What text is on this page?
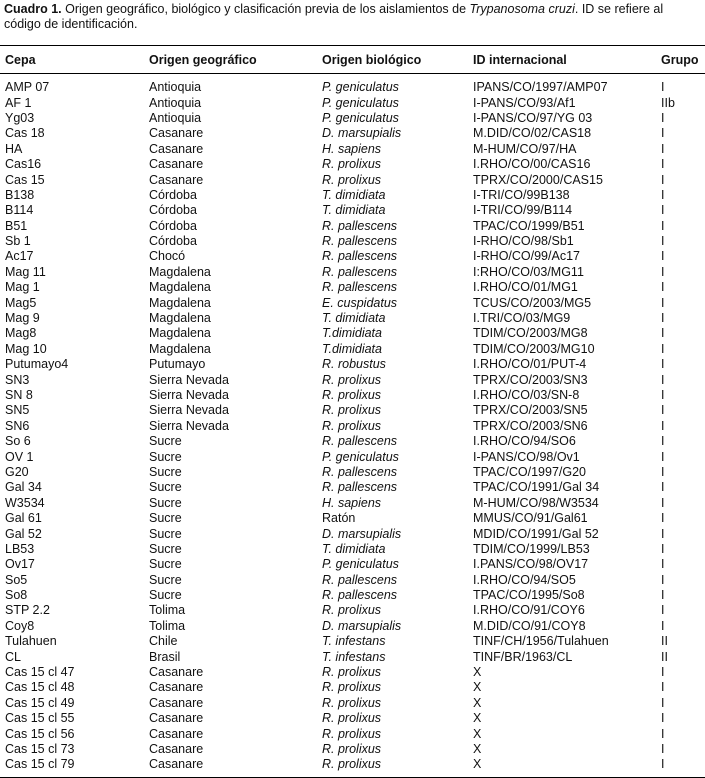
Cuadro 1. Origen geográfico, biológico y clasificación previa de los aislamientos de Trypanosoma cruzi. ID se refiere al código de identificación.
Cepa	Origen geográfico	Origen biológico	ID internacional	Grupo
AMP 07	Antioquia	P. geniculatus	IPANS/CO/1997/AMP07	I
AF 1	Antioquia	P. geniculatus	I-PANS/CO/93/Af1	IIb
Yg03	Antioquia	P. geniculatus	I-PANS/CO/97/YG 03	I
Cas 18	Casanare	D. marsupialis	M.DID/CO/02/CAS18	I
HA	Casanare	H. sapiens	M-HUM/CO/97/HA	I
Cas16	Casanare	R. prolixus	I.RHO/CO/00/CAS16	I
Cas 15	Casanare	R. prolixus	TPRX/CO/2000/CAS15	I
B138	Córdoba	T. dimidiata	I-TRI/CO/99B138	I
B114	Córdoba	T. dimidiata	I-TRI/CO/99/B114	I
B51	Córdoba	R. pallescens	TPAC/CO/1999/B51	I
Sb 1	Córdoba	R. pallescens	I-RHO/CO/98/Sb1	I
Ac17	Chocó	R. pallescens	I-RHO/CO/99/Ac17	I
Mag 11	Magdalena	R. pallescens	I:RHO/CO/03/MG11	I
Mag 1	Magdalena	R. pallescens	I.RHO/CO/01/MG1	I
Mag5	Magdalena	E. cuspidatus	TCUS/CO/2003/MG5	I
Mag 9	Magdalena	T. dimidiata	I.TRI/CO/03/MG9	I
Mag8	Magdalena	T.dimidiata	TDIM/CO/2003/MG8	I
Mag 10	Magdalena	T.dimidiata	TDIM/CO/2003/MG10	I
Putumayo4	Putumayo	R. robustus	I.RHO/CO/01/PUT-4	I
SN3	Sierra Nevada	R. prolixus	TPRX/CO/2003/SN3	I
SN 8	Sierra Nevada	R. prolixus	I.RHO/CO/03/SN-8	I
SN5	Sierra Nevada	R. prolixus	TPRX/CO/2003/SN5	I
SN6	Sierra Nevada	R. prolixus	TPRX/CO/2003/SN6	I
So 6	Sucre	R. pallescens	I.RHO/CO/94/SO6	I
OV 1	Sucre	P. geniculatus	I-PANS/CO/98/Ov1	I
G20	Sucre	R. pallescens	TPAC/CO/1997/G20	I
Gal 34	Sucre	R. pallescens	TPAC/CO/1991/Gal 34	I
W3534	Sucre	H. sapiens	M-HUM/CO/98/W3534	I
Gal 61	Sucre	Ratón	MMUS/CO/91/Gal61	I
Gal 52	Sucre	D. marsupialis	MDID/CO/1991/Gal 52	I
LB53	Sucre	T. dimidiata	TDIM/CO/1999/LB53	I
Ov17	Sucre	P. geniculatus	I.PANS/CO/98/OV17	I
So5	Sucre	R. pallescens	I.RHO/CO/94/SO5	I
So8	Sucre	R. pallescens	TPAC/CO/1995/So8	I
STP 2.2	Tolima	R. prolixus	I.RHO/CO/91/COY6	I
Coy8	Tolima	D. marsupialis	M.DID/CO/91/COY8	I
Tulahuen	Chile	T. infestans	TINF/CH/1956/Tulahuen	II
CL	Brasil	T. infestans	TINF/BR/1963/CL	II
Cas 15 cl 47	Casanare	R. prolixus	X	I
Cas 15 cl 48	Casanare	R. prolixus	X	I
Cas 15 cl 49	Casanare	R. prolixus	X	I
Cas 15 cl 55	Casanare	R. prolixus	X	I
Cas 15 cl 56	Casanare	R. prolixus	X	I
Cas 15 cl 73	Casanare	R. prolixus	X	I
Cas 15 cl 79	Casanare	R. prolixus	X	I
